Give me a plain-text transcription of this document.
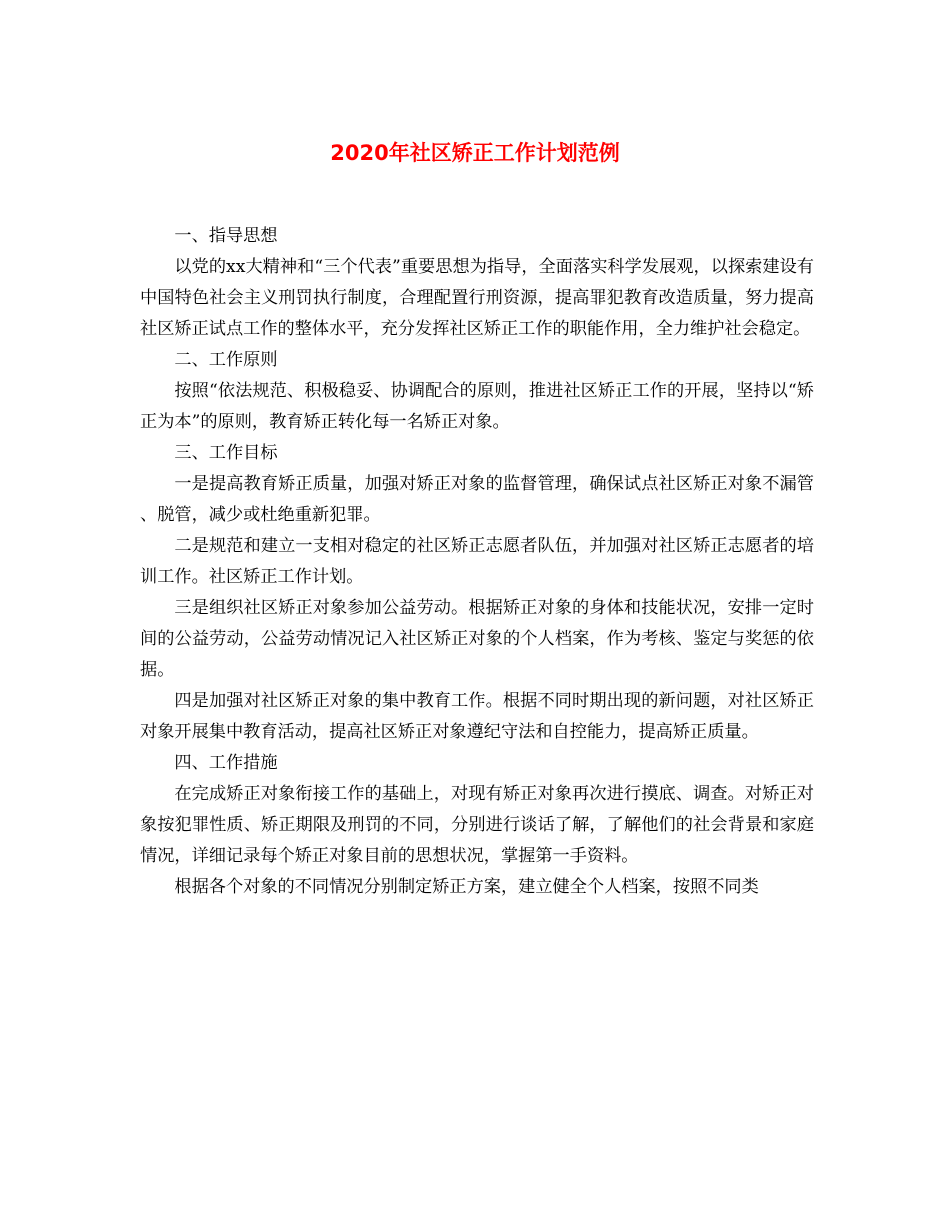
2020年社区矫正工作计划范例

一、指导思想

以党的xx大精神和“三个代表”重要思想为指导，全面落实科学发展观，以探索建设有中国特色社会主义刑罚执行制度，合理配置行刑资源，提高罪犯教育改造质量，努力提高社区矫正试点工作的整体水平，充分发挥社区矫正工作的职能作用，全力维护社会稳定。

二、工作原则

按照“依法规范、积极稳妥、协调配合的原则，推进社区矫正工作的开展，坚持以“矫正为本”的原则，教育矫正转化每一名矫正对象。

三、工作目标

一是提高教育矫正质量，加强对矫正对象的监督管理，确保试点社区矫正对象不漏管、脱管，减少或杜绝重新犯罪。

二是规范和建立一支相对稳定的社区矫正志愿者队伍，并加强对社区矫正志愿者的培训工作。社区矫正工作计划。

三是组织社区矫正对象参加公益劳动。根据矫正对象的身体和技能状况，安排一定时间的公益劳动，公益劳动情况记入社区矫正对象的个人档案，作为考核、鉴定与奖惩的依据。

四是加强对社区矫正对象的集中教育工作。根据不同时期出现的新问题，对社区矫正对象开展集中教育活动，提高社区矫正对象遵纪守法和自控能力，提高矫正质量。

四、工作措施

在完成矫正对象衔接工作的基础上，对现有矫正对象再次进行摸底、调查。对矫正对象按犯罪性质、矫正期限及刑罚的不同，分别进行谈话了解，了解他们的社会背景和家庭情况，详细记录每个矫正对象目前的思想状况，掌握第一手资料。

根据各个对象的不同情况分别制定矫正方案，建立健全个人档案，按照不同类
